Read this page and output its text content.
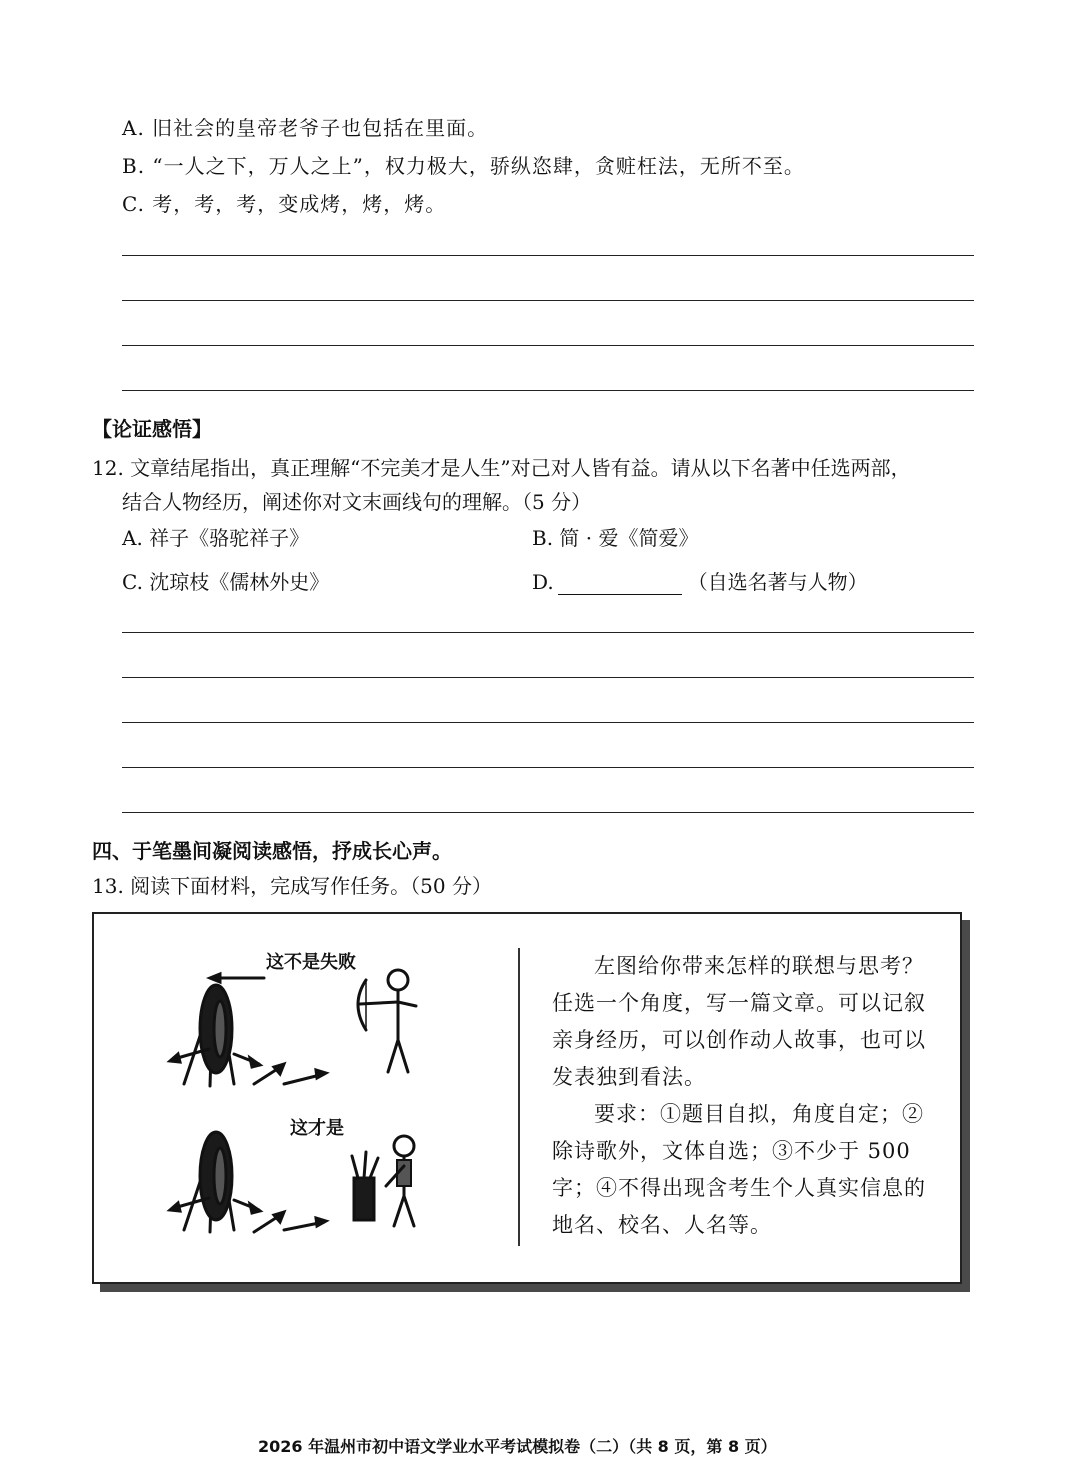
A. 旧社会的皇帝老爷子也包括在里面。
B. “一人之下，万人之上”，权力极大，骄纵恣肆，贪赃枉法，无所不至。
C. 考，考，考，变成烤，烤，烤。
【论证感悟】
12. 文章结尾指出，真正理解“不完美才是人生”对己对人皆有益。请从以下名著中任选两部，
结合人物经历，阐述你对文末画线句的理解。（5 分）
A. 祥子《骆驼祥子》	B. 简 · 爱《简爱》
C. 沈琼枝《儒林外史》	D.	（自选名著与人物）
四、于笔墨间凝阅读感悟，抒成长心声。
13. 阅读下面材料，完成写作任务。（50 分）
这不是失败
这才是
左图给你带来怎样的联想与思考？任选一个角度，写一篇文章。可以记叙亲身经历，可以创作动人故事，也可以发表独到看法。
要求：①题目自拟，角度自定；②除诗歌外，文体自选；③不少于 500 字；④不得出现含考生个人真实信息的地名、校名、人名等。
2026 年温州市初中语文学业水平考试模拟卷（二）（共 8 页，第 8 页）
